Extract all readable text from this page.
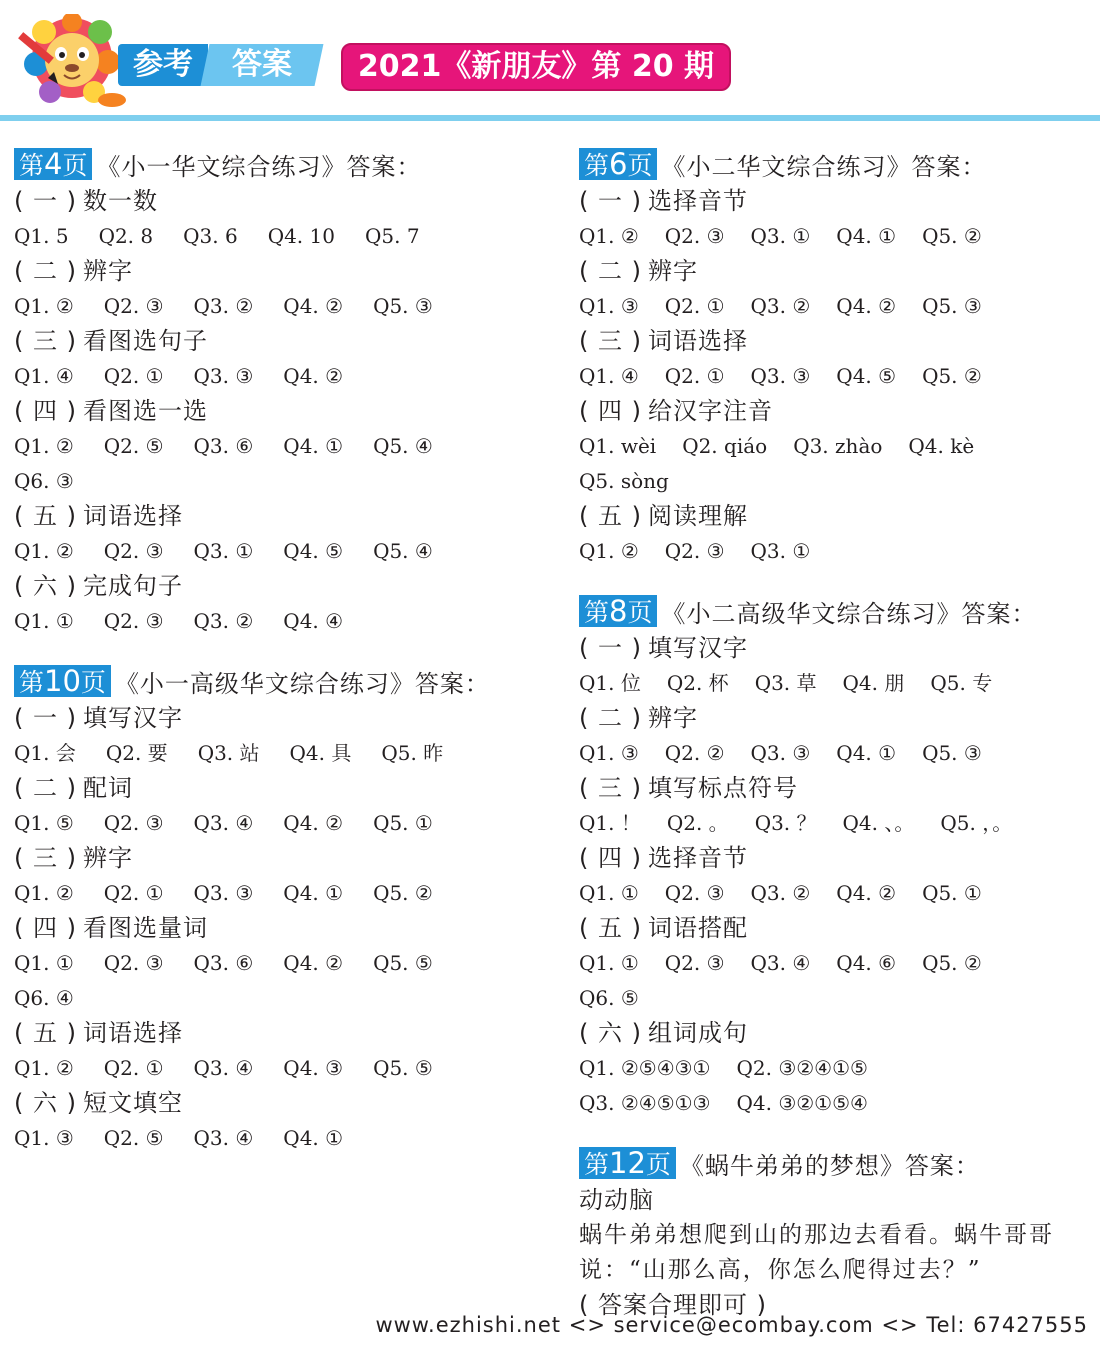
参考	答案	2021《新朋友》第 20 期
第4页 《小一华文综合练习》答案：
( 一 ) 数一数
Q1. 5 Q2. 8 Q3. 6 Q4. 10 Q5. 7
( 二 ) 辨字
Q1. ② Q2. ③ Q3. ② Q4. ② Q5. ③
( 三 ) 看图选句子
Q1. ④ Q2. ① Q3. ③ Q4. ②
( 四 ) 看图选一选
Q1. ② Q2. ⑤ Q3. ⑥ Q4. ① Q5. ④
Q6. ③
( 五 ) 词语选择
Q1. ② Q2. ③ Q3. ① Q4. ⑤ Q5. ④
( 六 ) 完成句子
Q1. ① Q2. ③ Q3. ② Q4. ④
第10页 《小一高级华文综合练习》答案：
( 一 ) 填写汉字
Q1. 会 Q2. 要 Q3. 站 Q4. 具 Q5. 昨
( 二 ) 配词
Q1. ⑤ Q2. ③ Q3. ④ Q4. ② Q5. ①
( 三 ) 辨字
Q1. ② Q2. ① Q3. ③ Q4. ① Q5. ②
( 四 ) 看图选量词
Q1. ① Q2. ③ Q3. ⑥ Q4. ② Q5. ⑤
Q6. ④
( 五 ) 词语选择
Q1. ② Q2. ① Q3. ④ Q4. ③ Q5. ⑤
( 六 ) 短文填空
Q1. ③ Q2. ⑤ Q3. ④ Q4. ①
第6页 《小二华文综合练习》答案：
( 一 ) 选择音节
Q1. ② Q2. ③ Q3. ① Q4. ① Q5. ②
( 二 ) 辨字
Q1. ③ Q2. ① Q3. ② Q4. ② Q5. ③
( 三 ) 词语选择
Q1. ④ Q2. ① Q3. ③ Q4. ⑤ Q5. ②
( 四 ) 给汉字注音
Q1. wèi Q2. qiáo Q3. zhào Q4. kè
Q5. sòng
( 五 ) 阅读理解
Q1. ② Q2. ③ Q3. ①
第8页 《小二高级华文综合练习》答案：
( 一 ) 填写汉字
Q1. 位 Q2. 杯 Q3. 草 Q4. 朋 Q5. 专
( 二 ) 辨字
Q1. ③ Q2. ② Q3. ③ Q4. ① Q5. ③
( 三 ) 填写标点符号
Q1. ！ Q2. 。 Q3. ？ Q4. 、。 Q5. ，。
( 四 ) 选择音节
Q1. ① Q2. ③ Q3. ② Q4. ② Q5. ①
( 五 ) 词语搭配
Q1. ① Q2. ③ Q3. ④ Q4. ⑥ Q5. ②
Q6. ⑤
( 六 ) 组词成句
Q1. ②⑤④③① Q2. ③②④①⑤
Q3. ②④⑤①③ Q4. ③②①⑤④
第12页 《蜗牛弟弟的梦想》答案：
动动脑
蜗牛弟弟想爬到山的那边去看看。蜗牛哥哥说：“山那么高，你怎么爬得过去？”
( 答案合理即可 )
www.ezhishi.net <> service@ecombay.com <> Tel: 67427555
